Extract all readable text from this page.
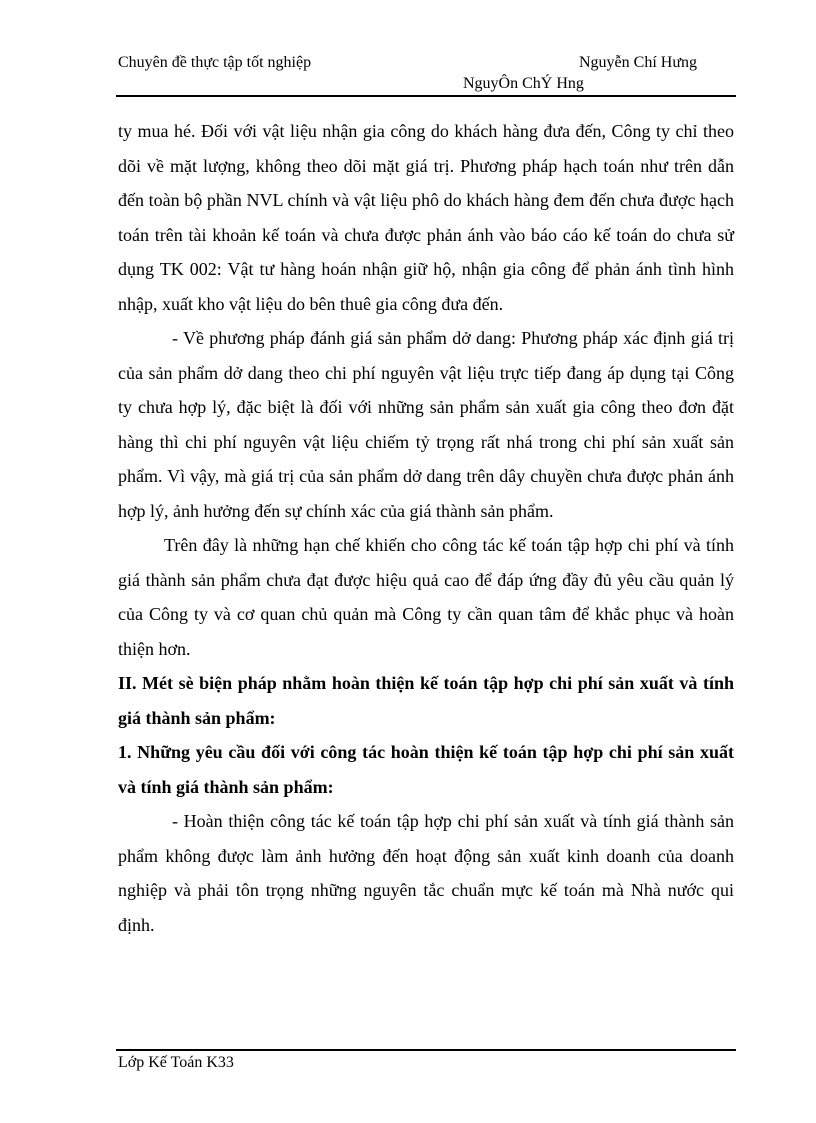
Chuyên đề thực tập tốt nghiệp	Nguyễn Chí Hưng
NguyÔn ChÝ Hng

ty mua hé. Đối với vật liệu nhận gia công do khách hàng đưa đến, Công ty chỉ theo dõi về mặt lượng, không theo dõi mặt giá trị. Phương pháp hạch toán như trên dẫn đến toàn bộ phần NVL chính và vật liệu phô do khách hàng đem đến chưa được hạch toán trên tài khoản kế toán và chưa được phản ánh vào báo cáo kế toán do chưa sử dụng TK 002: Vật tư hàng hoán nhận giữ hộ, nhận gia công để phản ánh tình hình nhập, xuất kho vật liệu do bên thuê gia công đưa đến.

- Về phương pháp đánh giá sản phẩm dở dang: Phương pháp xác định giá trị của sản phẩm dở dang theo chi phí nguyên vật liệu trực tiếp đang áp dụng tại Công ty chưa hợp lý, đặc biệt là đối với những sản phẩm sản xuất gia công theo đơn đặt hàng thì chi phí nguyên vật liệu chiếm tỷ trọng rất nhá trong chi phí sản xuất sản phẩm. Vì vậy, mà giá trị của sản phẩm dở dang trên dây chuyền chưa được phản ánh hợp lý, ảnh hưởng đến sự chính xác của giá thành sản phẩm.

Trên đây là những hạn chế khiến cho công tác kế toán tập hợp chi phí và tính giá thành sản phẩm chưa đạt được hiệu quả cao để đáp ứng đầy đủ yêu cầu quản lý của Công ty và cơ quan chủ quản mà Công ty cần quan tâm để khắc phục và hoàn thiện hơn.

II. Mét sè biện pháp nhằm hoàn thiện kế toán tập hợp chi phí sản xuất và tính giá thành sản phẩm:

1. Những yêu cầu đối với công tác hoàn thiện kế toán tập hợp chi phí sản xuất và tính giá thành sản phẩm:

- Hoàn thiện công tác kế toán tập hợp chi phí sản xuất và tính giá thành sản phẩm không được làm ảnh hưởng đến hoạt động sản xuất kinh doanh của doanh nghiệp và phải tôn trọng những nguyên tắc chuẩn mực kế toán mà Nhà nước qui định.

Lớp Kế Toán K33
